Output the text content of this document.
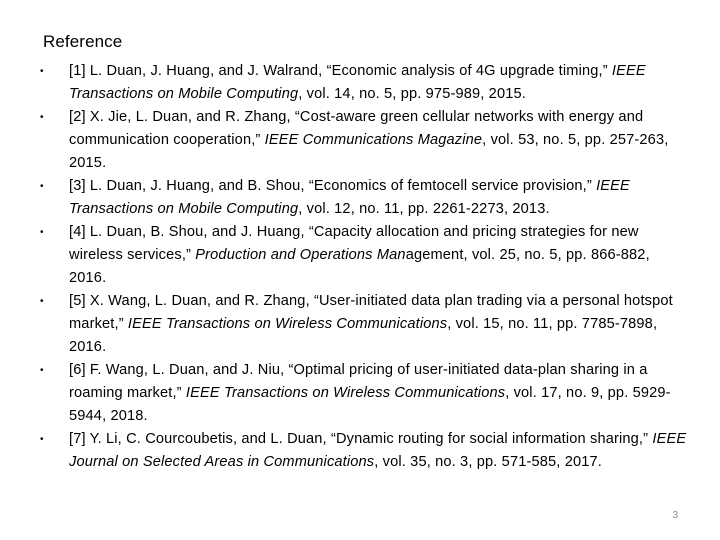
Reference
•	[1] L. Duan, J. Huang, and J. Walrand, “Economic analysis of 4G upgrade timing,” IEEE Transactions on Mobile Computing, vol. 14, no. 5, pp. 975-989, 2015.
•	[2] X. Jie, L. Duan, and R. Zhang, “Cost-aware green cellular networks with energy and communication cooperation,” IEEE Communications Magazine, vol. 53, no. 5, pp. 257-263, 2015.
•	[3] L. Duan, J. Huang, and B. Shou, “Economics of femtocell service provision,” IEEE Transactions on Mobile Computing, vol. 12, no. 11, pp. 2261-2273, 2013.
•	[4] L. Duan, B. Shou, and J. Huang, “Capacity allocation and pricing strategies for new wireless services,” Production and Operations Management, vol. 25, no. 5, pp. 866-882, 2016.
•	[5] X. Wang, L. Duan, and R. Zhang, “User-initiated data plan trading via a personal hotspot market,” IEEE Transactions on Wireless Communications, vol. 15, no. 11, pp. 7785-7898, 2016.
•	[6] F. Wang, L. Duan, and J. Niu, “Optimal pricing of user-initiated data-plan sharing in a roaming market,” IEEE Transactions on Wireless Communications, vol. 17, no. 9, pp. 5929-5944, 2018.
•	[7] Y. Li, C. Courcoubetis, and L. Duan, “Dynamic routing for social information sharing,” IEEE Journal on Selected Areas in Communications, vol. 35, no. 3, pp. 571-585, 2017.
3
